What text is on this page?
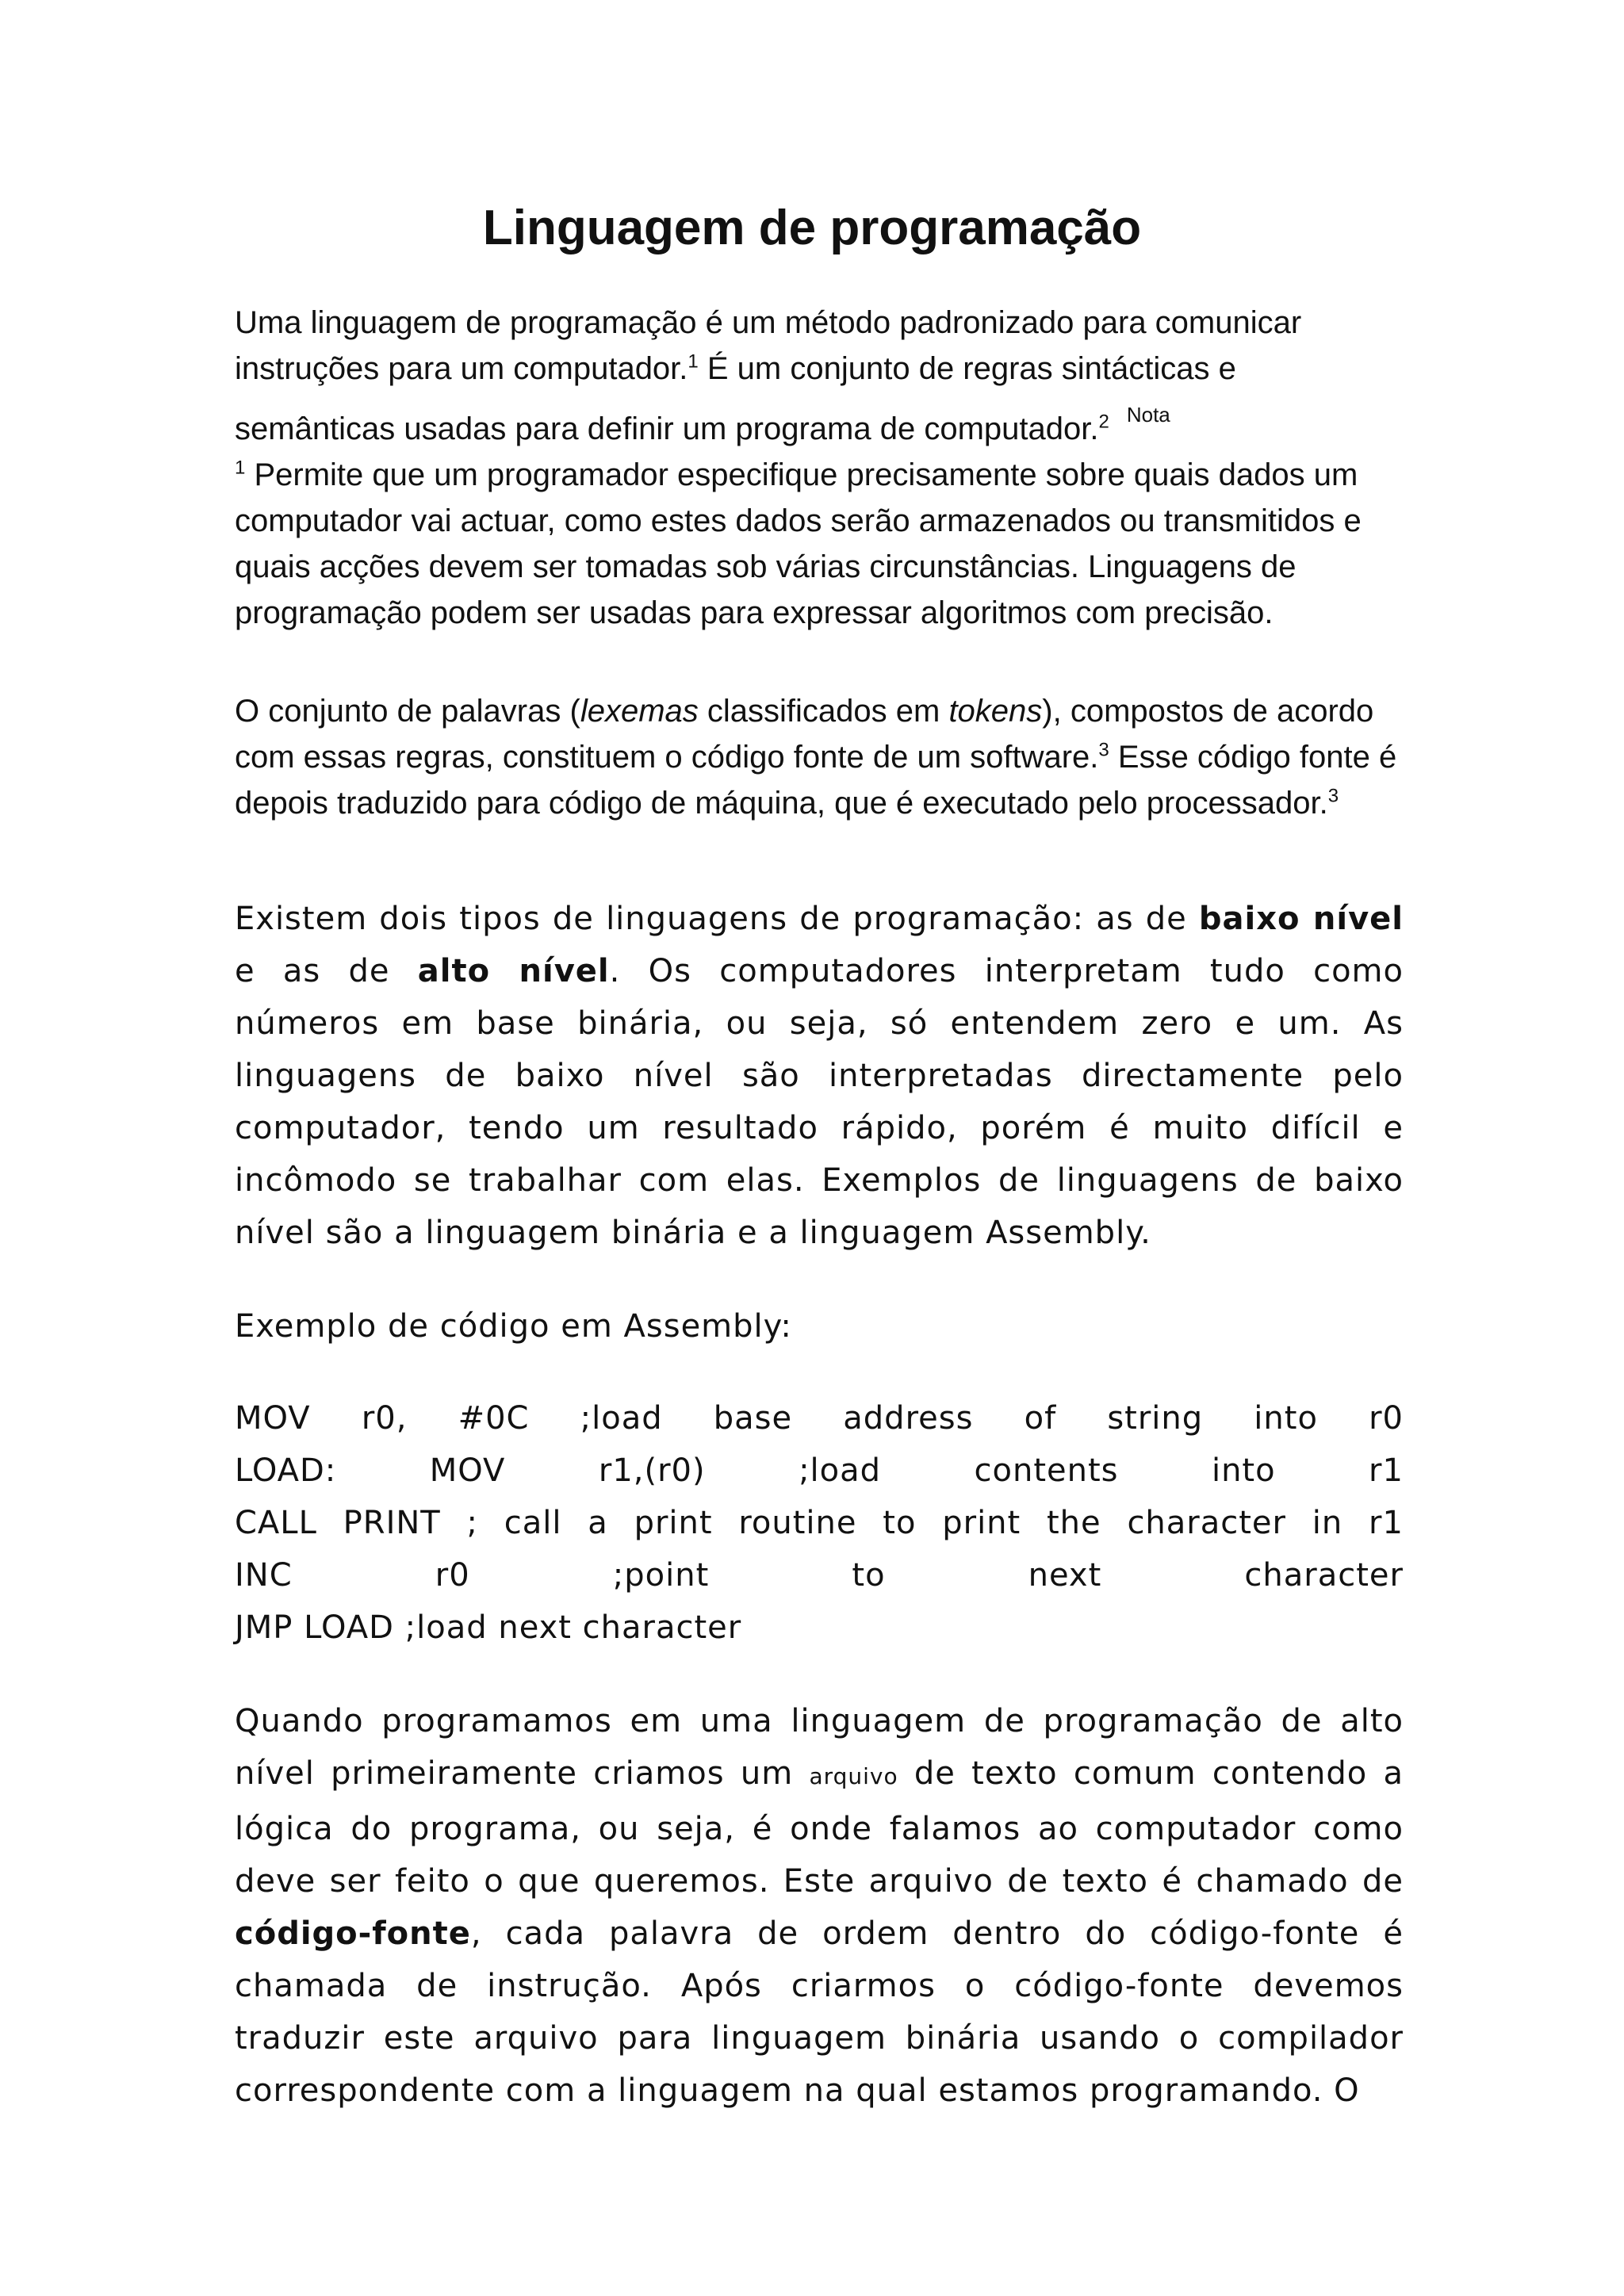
Linguagem de programação

Uma linguagem de programação é um método padronizado para comunicar instruções para um computador.$^1$ É um conjunto de regras sintácticas e semânticas usadas para definir um programa de computador.$^2$ $^{Nota}$
$^1$ Permite que um programador especifique precisamente sobre quais dados um computador vai actuar, como estes dados serão armazenados ou transmitidos e quais acções devem ser tomadas sob várias circunstâncias. Linguagens de programação podem ser usadas para expressar algoritmos com precisão.

O conjunto de palavras (lexemas classificados em tokens), compostos de acordo com essas regras, constituem o código fonte de um software.$^3$ Esse código fonte é depois traduzido para código de máquina, que é executado pelo processador.$^3$

Existem dois tipos de linguagens de programação: as de baixo nível e as de alto nível. Os computadores interpretam tudo como números em base binária, ou seja, só entendem zero e um. As linguagens de baixo nível são interpretadas directamente pelo computador, tendo um resultado rápido, porém é muito difícil e incômodo se trabalhar com elas. Exemplos de linguagens de baixo nível são a linguagem binária e a linguagem Assembly.

Exemplo de código em Assembly:
MOV r0, #0C ;load base address of string into r0
LOAD:	MOV	r1,(r0)	;load	contents	into	r1
CALL PRINT ; call a print routine to print the character in r1
INC	r0	;point	to	next	character
JMP LOAD ;load next character

Quando programamos em uma linguagem de programação de alto nível primeiramente criamos um arquivo de texto comum contendo a lógica do programa, ou seja, é onde falamos ao computador como deve ser feito o que queremos. Este arquivo de texto é chamado de código-fonte, cada palavra de ordem dentro do código-fonte é chamada de instrução. Após criarmos o código-fonte devemos traduzir este arquivo para linguagem binária usando o compilador correspondente com a linguagem na qual estamos programando. O
